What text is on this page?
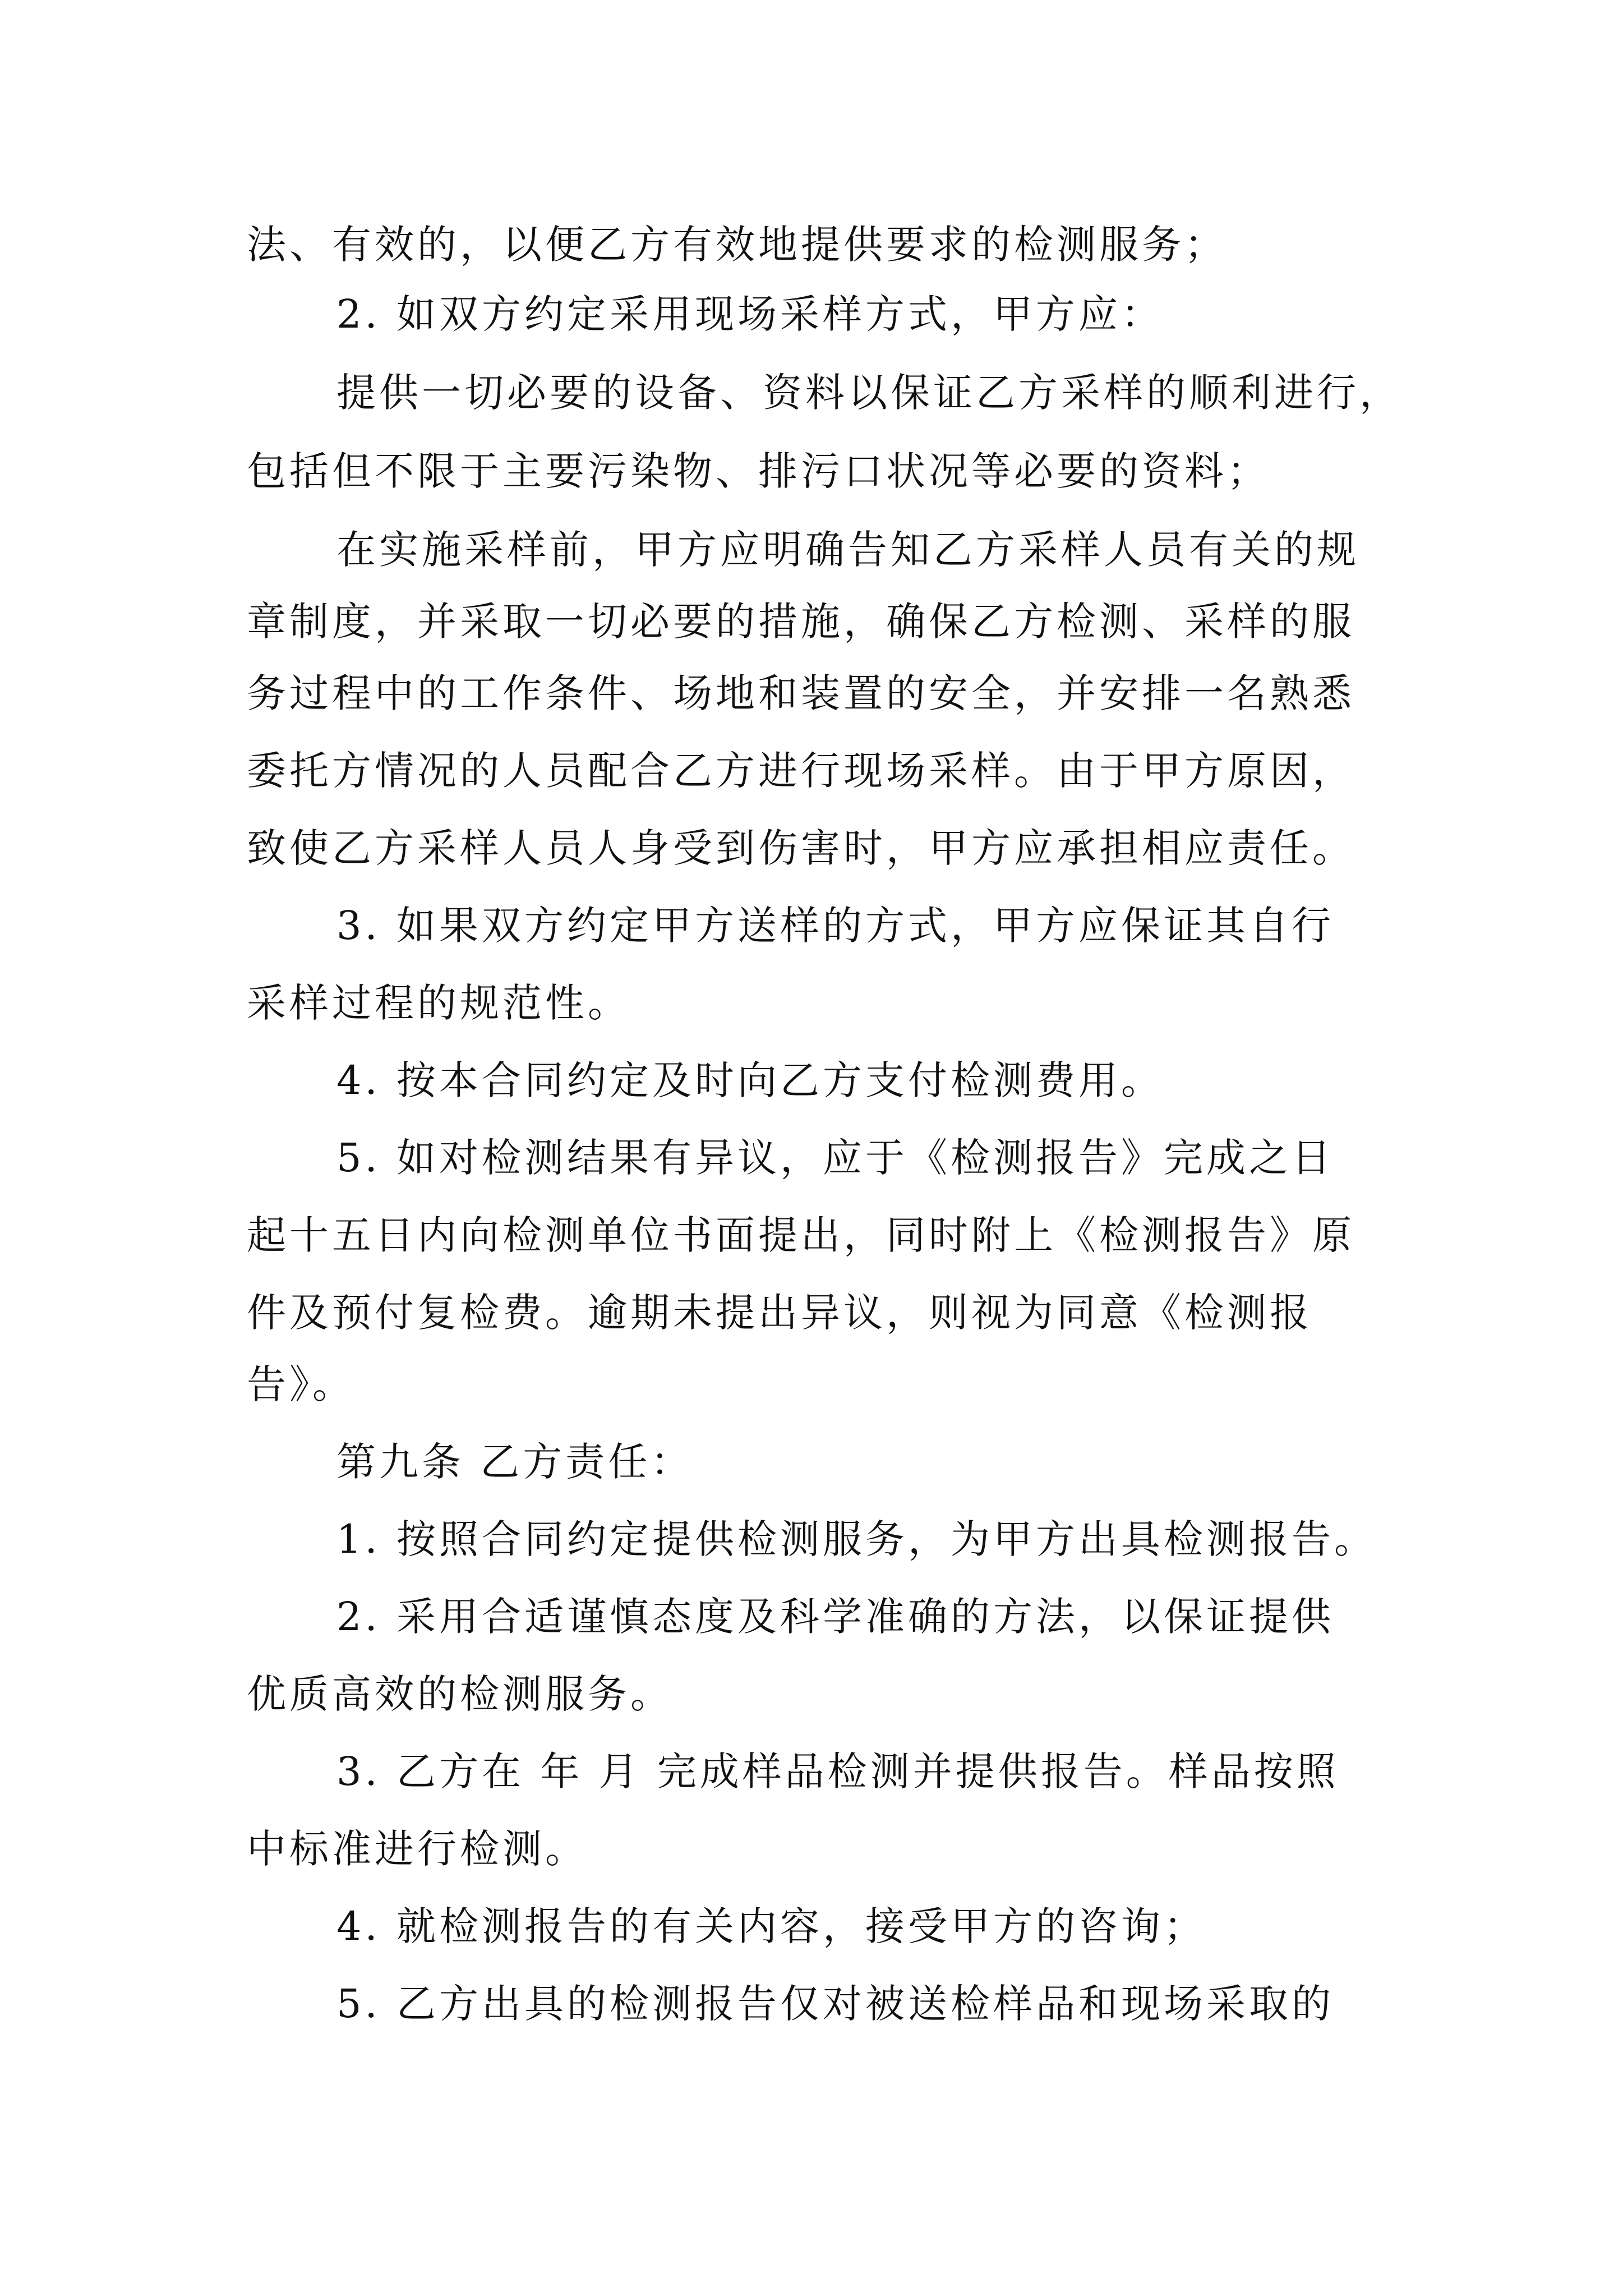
法、有效的，以便乙方有效地提供要求的检测服务；
2. 如双方约定采用现场采样方式，甲方应：
提供一切必要的设备、资料以保证乙方采样的顺利进行，
包括但不限于主要污染物、排污口状况等必要的资料；
在实施采样前，甲方应明确告知乙方采样人员有关的规
章制度，并采取一切必要的措施，确保乙方检测、采样的服
务过程中的工作条件、场地和装置的安全，并安排一名熟悉
委托方情况的人员配合乙方进行现场采样。由于甲方原因，
致使乙方采样人员人身受到伤害时，甲方应承担相应责任。
3. 如果双方约定甲方送样的方式，甲方应保证其自行
采样过程的规范性。
4. 按本合同约定及时向乙方支付检测费用。
5. 如对检测结果有异议，应于《检测报告》完成之日
起十五日内向检测单位书面提出，同时附上《检测报告》原
件及预付复检费。逾期未提出异议，则视为同意《检测报
告》。
第九条 乙方责任：
1. 按照合同约定提供检测服务，为甲方出具检测报告。
2. 采用合适谨慎态度及科学准确的方法，以保证提供
优质高效的检测服务。
3. 乙方在 年 月 完成样品检测并提供报告。样品按照
中标准进行检测。
4. 就检测报告的有关内容，接受甲方的咨询；
5. 乙方出具的检测报告仅对被送检样品和现场采取的
